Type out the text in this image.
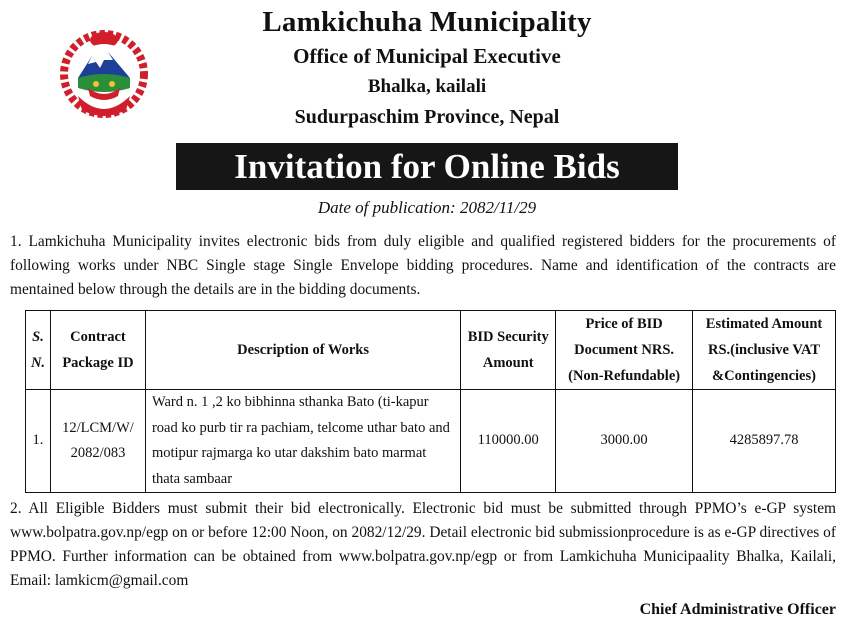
Lamkichuha Municipality
Office of Municipal Executive
Bhalka, kailali
Sudurpaschim Province, Nepal
Invitation for Online Bids
Date of publication: 2082/11/29
1. Lamkichuha Municipality invites electronic bids from duly eligible and qualified registered bidders for the procurements of following works under NBC Single stage Single Envelope bidding procedures. Name and identification of the contracts are mentained below through the details are in the bidding documents.
S. N.	Contract Package ID	Description of Works	BID Security Amount	Price of BID Document NRS. (Non-Refundable)	Estimated Amount RS.(inclusive VAT &Contingencies)
1.	12/LCM/W/ 2082/083	Ward n. 1 ,2 ko bibhinna sthanka Bato (ti-kapur road ko purb tir ra pachiam, telcome uthar bato and motipur rajmarga ko utar dakshim bato marmat thata sambaar	110000.00	3000.00	4285897.78
2. All Eligible Bidders must submit their bid electronically. Electronic bid must be submitted through PPMO’s e-GP system www.bolpatra.gov.np/egp on or before 12:00 Noon, on 2082/12/29. Detail electronic bid submissionprocedure is as e-GP directives of PPMO. Further information can be obtained from www.bolpatra.gov.np/egp or from Lamkichuha Municipaality Bhalka, Kailali, Email: lamkicm@gmail.com
Chief Administrative Officer
